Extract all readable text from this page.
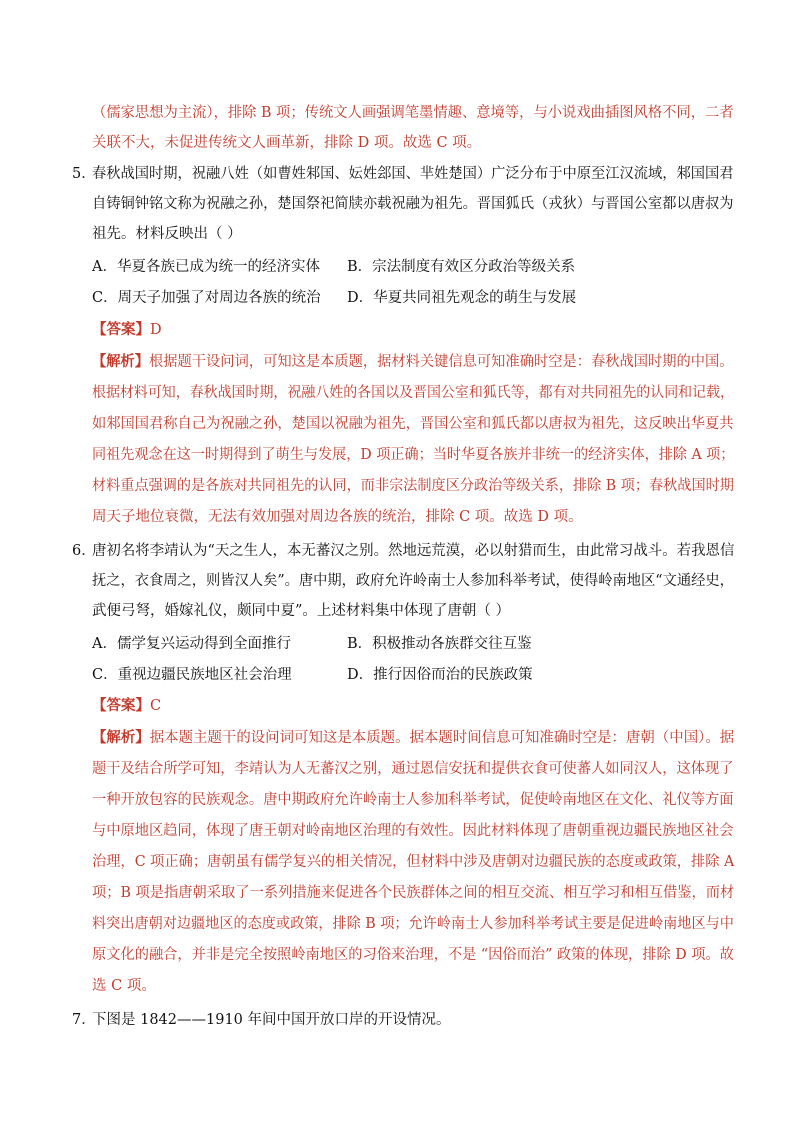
（儒家思想为主流），排除 B 项；传统文人画强调笔墨情趣、意境等，与小说戏曲插图风格不同，二者
关联不大，未促进传统文人画革新，排除 D 项。故选 C 项。
5．
春秋战国时期，祝融八姓（如曹姓邾国、妘姓郐国、芈姓楚国）广泛分布于中原至江汉流域，邾国国君
自铸铜钟铭文称为祝融之孙，楚国祭祀简牍亦载祝融为祖先。晋国狐氏（戎狄）与晋国公室都以唐叔为
祖先。材料反映出（ ）
A．华夏各族已成为统一的经济实体 B．宗法制度有效区分政治等级关系
C．周天子加强了对周边各族的统治 D．华夏共同祖先观念的萌生与发展
【答案】D
【解析】根据题干设问词，可知这是本质题，据材料关键信息可知准确时空是：春秋战国时期的中国。
根据材料可知，春秋战国时期，祝融八姓的各国以及晋国公室和狐氏等，都有对共同祖先的认同和记载，
如邾国国君称自己为祝融之孙，楚国以祝融为祖先，晋国公室和狐氏都以唐叔为祖先，这反映出华夏共
同祖先观念在这一时期得到了萌生与发展，D 项正确；当时华夏各族并非统一的经济实体，排除 A 项；
材料重点强调的是各族对共同祖先的认同，而非宗法制度区分政治等级关系，排除 B 项；春秋战国时期
周天子地位衰微，无法有效加强对周边各族的统治，排除 C 项。故选 D 项。
6．
唐初名将李靖认为“天之生人，本无蕃汉之别。然地远荒漠，必以射猎而生，由此常习战斗。若我恩信
抚之，衣食周之，则皆汉人矣”。唐中期，政府允许岭南士人参加科举考试，使得岭南地区“文通经史，
武便弓弩，婚嫁礼仪，颇同中夏”。上述材料集中体现了唐朝（ ）
A．儒学复兴运动得到全面推行	B．积极推动各族群交往互鉴
C．重视边疆民族地区社会治理	D．推行因俗而治的民族政策
【答案】C
【解析】据本题主题干的设问词可知这是本质题。据本题时间信息可知准确时空是：唐朝（中国）。据
题干及结合所学可知，李靖认为人无蕃汉之别，通过恩信安抚和提供衣食可使蕃人如同汉人，这体现了
一种开放包容的民族观念。唐中期政府允许岭南士人参加科举考试，促使岭南地区在文化、礼仪等方面
与中原地区趋同，体现了唐王朝对岭南地区治理的有效性。因此材料体现了唐朝重视边疆民族地区社会
治理，C 项正确；唐朝虽有儒学复兴的相关情况，但材料中涉及唐朝对边疆民族的态度或政策，排除 A
项；B 项是指唐朝采取了一系列措施来促进各个民族群体之间的相互交流、相互学习和相互借鉴，而材
料突出唐朝对边疆地区的态度或政策，排除 B 项；允许岭南士人参加科举考试主要是促进岭南地区与中
原文化的融合，并非是完全按照岭南地区的习俗来治理，不是 “因俗而治” 政策的体现，排除 D 项。故
选 C 项。
7．
下图是 1842——1910 年间中国开放口岸的开设情况。
